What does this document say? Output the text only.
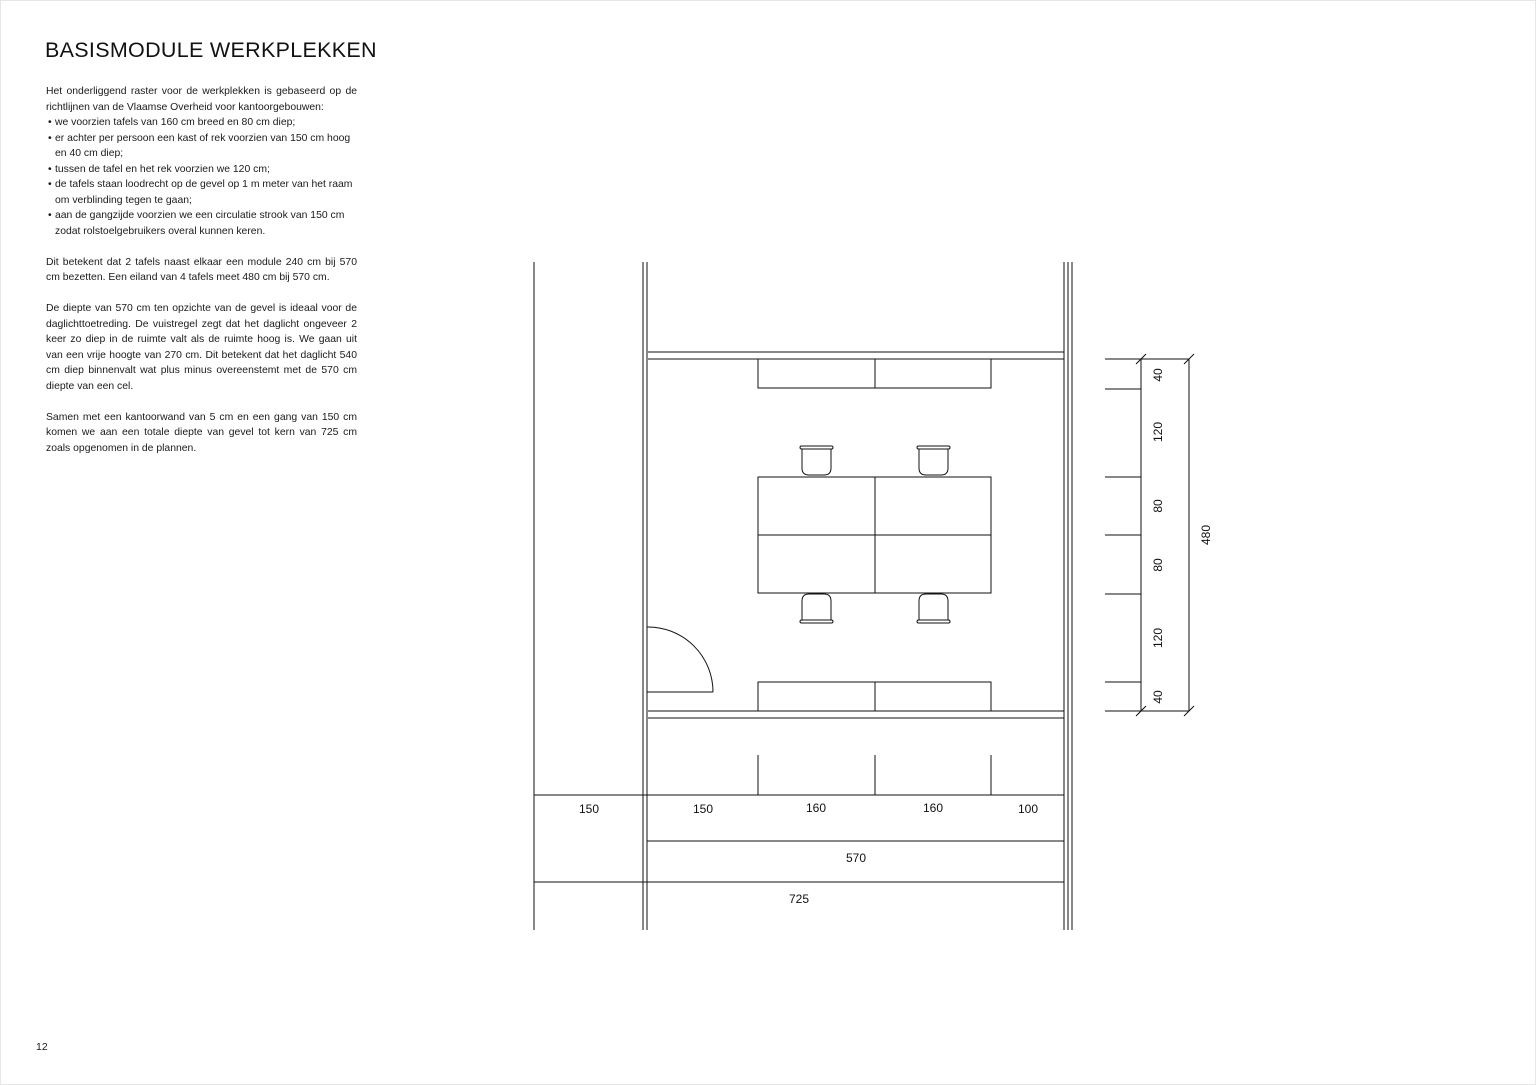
BASISMODULE WERKPLEKKEN

Het onderliggend raster voor de werkplekken is gebaseerd op de richtlijnen van de Vlaamse Overheid voor kantoorgebouwen:

• we voorzien tafels van 160 cm breed en 80 cm diep;
• er achter per persoon een kast of rek voorzien van 150 cm hoog en 40 cm diep;
• tussen de tafel en het rek voorzien we 120 cm;
• de tafels staan loodrecht op de gevel op 1 m meter van het raam om verblinding tegen te gaan;
• aan de gangzijde voorzien we een circulatie strook van 150 cm zodat rolstoelgebruikers overal kunnen keren.

Dit betekent dat 2 tafels naast elkaar een module 240 cm bij 570 cm bezetten. Een eiland van 4 tafels meet 480 cm bij 570 cm.

De diepte van 570 cm ten opzichte van de gevel is ideaal voor de daglichttoetreding. De vuistregel zegt dat het daglicht ongeveer 2 keer zo diep in de ruimte valt als de ruimte hoog is. We gaan uit van een vrije hoogte van 270 cm. Dit betekent dat het daglicht 540 cm diep binnenvalt wat plus minus overeenstemt met de 570 cm diepte van een cel.

Samen met een kantoorwand van 5 cm en een gang van 150 cm komen we aan een totale diepte van gevel tot kern van 725 cm zoals opgenomen in de plannen.

12
150	150	160	160	100
570
725
40
120
80
80
120
40
480
